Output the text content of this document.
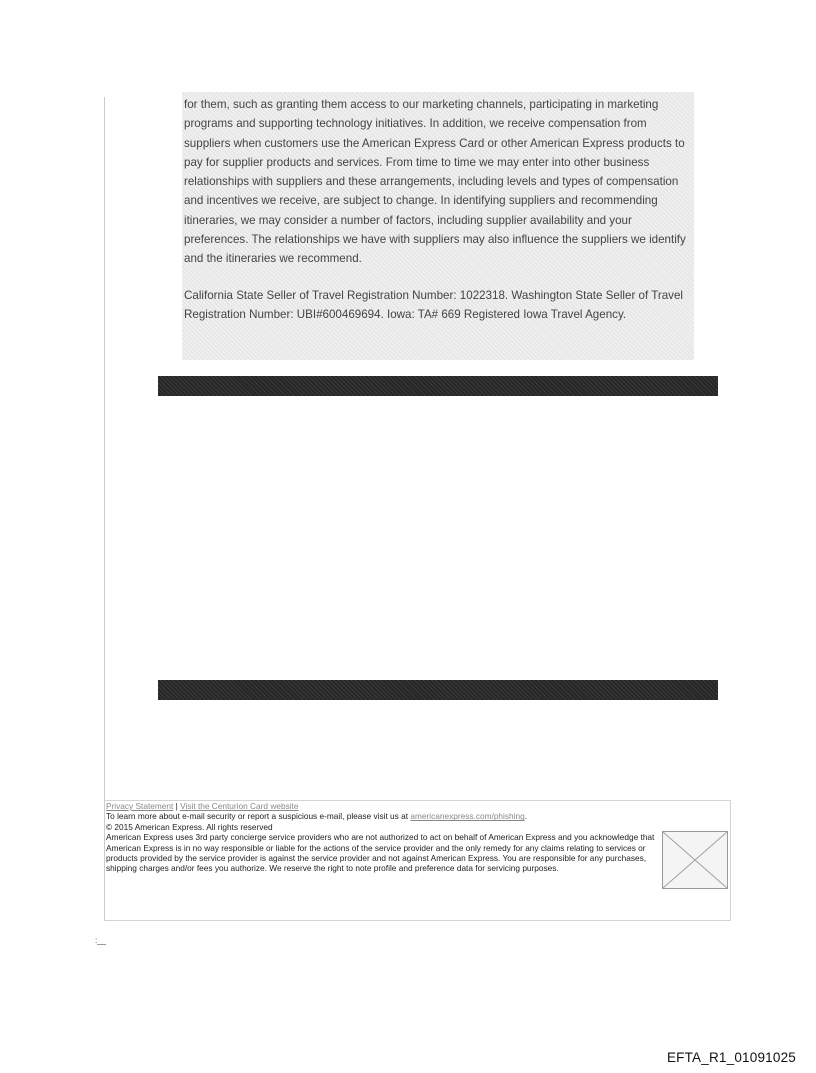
for them, such as granting them access to our marketing channels, participating in marketing programs and supporting technology initiatives. In addition, we receive compensation from suppliers when customers use the American Express Card or other American Express products to pay for supplier products and services. From time to time we may enter into other business relationships with suppliers and these arrangements, including levels and types of compensation and incentives we receive, are subject to change. In identifying suppliers and recommending itineraries, we may consider a number of factors, including supplier availability and your preferences. The relationships we have with suppliers may also influence the suppliers we identify and the itineraries we recommend.

California State Seller of Travel Registration Number: 1022318. Washington State Seller of Travel Registration Number: UBI#600469694. Iowa: TA# 669 Registered Iowa Travel Agency.

Privacy Statement | Visit the Centurion Card website
To learn more about e-mail security or report a suspicious e-mail, please visit us at americanexpress.com/phishing.
© 2015 American Express. All rights reserved
American Express uses 3rd party concierge service providers who are not authorized to act on behalf of American Express and you acknowledge that American Express is in no way responsible or liable for the actions of the service provider and the only remedy for any claims relating to services or products provided by the service provider is against the service provider and not against American Express. You are responsible for any purchases, shipping charges and/or fees you authorize. We reserve the right to note profile and preference data for servicing purposes.
:__
EFTA_R1_01091025
